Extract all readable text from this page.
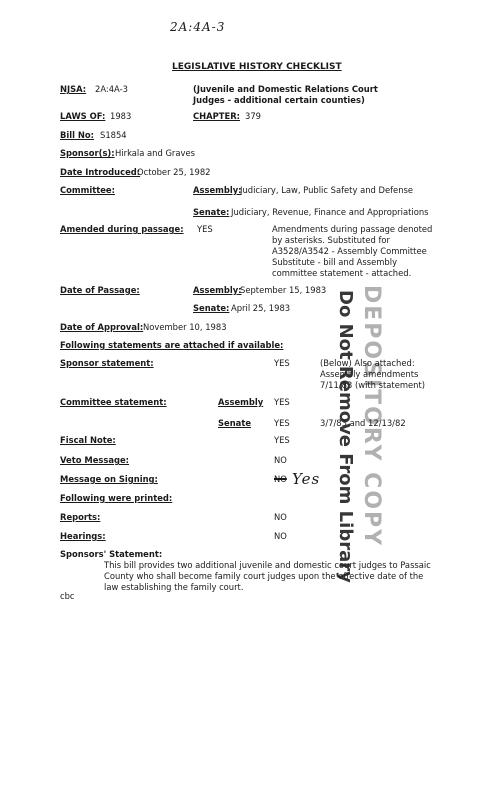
2A:4A-3
LEGISLATIVE HISTORY CHECKLIST
NJSA: 2A:4A-3	(Juvenile and Domestic Relations Court
Judges - additional certain counties)
LAWS OF: 1983	CHAPTER: 379
Bill No: S1854
Sponsor(s): Hirkala and Graves
Date Introduced:
October 25, 1982
Committee:	Assembly:
Judiciary, Law, Public Safety and Defense
Senate: Judiciary, Revenue, Finance and Appropriations
Amended during passage: YES	Amendments during passage denoted
by asterisks. Substituted for
A3528/A3542 - Assembly Committee
Substitute - bill and Assembly
committee statement - attached.
Date of Passage:	Assembly:
September 15, 1983
Senate: April 25, 1983
Date of Approval: November 10, 1983
Following statements are attached if available:
Sponsor statement:	YES	(Below) Also attached:
Assembly amendments
7/11/83 (with statement)
Committee statement:	Assembly YES
Senate	YES	3/7/83 and 12/13/82
Fiscal Note:	YES
Veto Message:	NO
Message on Signing:	NO Yes
Following were printed:
Reports:	NO
Hearings:	NO
Sponsors' Statement:
This bill provides two additional juvenile and domestic court judges to Passaic
County who shall become family court judges upon the effective date of the
law establishing the family court.
cbc
Do Not Remove From Library DEPOSITORY COPY
